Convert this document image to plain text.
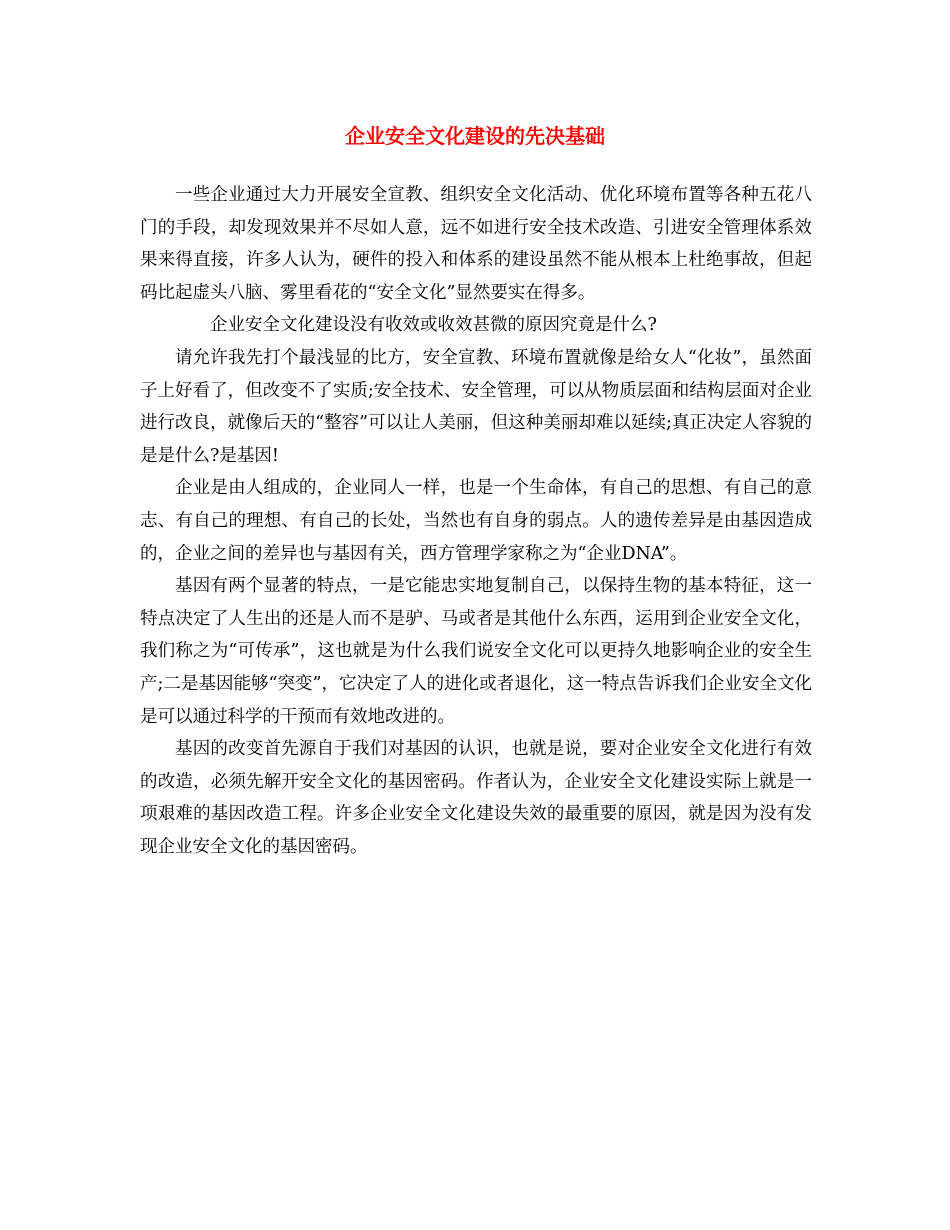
企业安全文化建设的先决基础

一些企业通过大力开展安全宣教、组织安全文化活动、优化环境布置等各种五花八门的手段，却发现效果并不尽如人意，远不如进行安全技术改造、引进安全管理体系效果来得直接，许多人认为，硬件的投入和体系的建设虽然不能从根本上杜绝事故，但起码比起虚头八脑、雾里看花的“安全文化”显然要实在得多。

企业安全文化建设没有收效或收效甚微的原因究竟是什么?

请允许我先打个最浅显的比方，安全宣教、环境布置就像是给女人“化妆”，虽然面子上好看了，但改变不了实质;安全技术、安全管理，可以从物质层面和结构层面对企业进行改良，就像后天的“整容”可以让人美丽，但这种美丽却难以延续;真正决定人容貌的是是什么?是基因!

企业是由人组成的，企业同人一样，也是一个生命体，有自己的思想、有自己的意志、有自己的理想、有自己的长处，当然也有自身的弱点。人的遗传差异是由基因造成的，企业之间的差异也与基因有关，西方管理学家称之为“企业DNA”。

基因有两个显著的特点，一是它能忠实地复制自己，以保持生物的基本特征，这一特点决定了人生出的还是人而不是驴、马或者是其他什么东西，运用到企业安全文化，我们称之为“可传承”，这也就是为什么我们说安全文化可以更持久地影响企业的安全生产;二是基因能够“突变”，它决定了人的进化或者退化，这一特点告诉我们企业安全文化是可以通过科学的干预而有效地改进的。

基因的改变首先源自于我们对基因的认识，也就是说，要对企业安全文化进行有效的改造，必须先解开安全文化的基因密码。作者认为，企业安全文化建设实际上就是一项艰难的基因改造工程。许多企业安全文化建设失效的最重要的原因，就是因为没有发现企业安全文化的基因密码。
